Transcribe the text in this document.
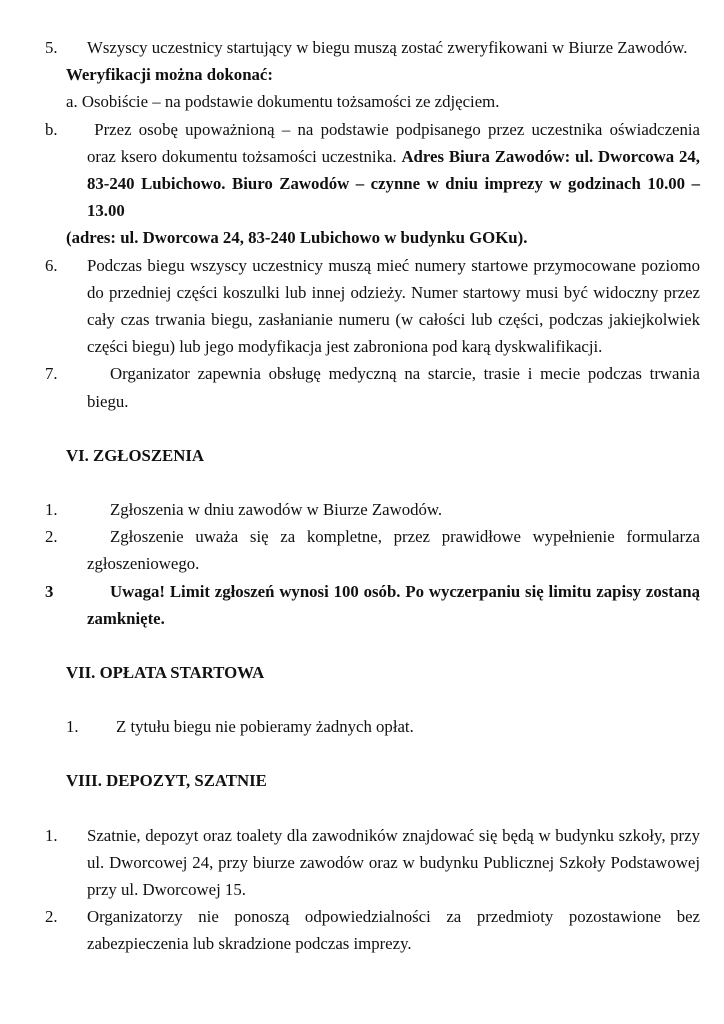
5. Wszyscy uczestnicy startujący w biegu muszą zostać zweryfikowani w Biurze Zawodów.

Weryfikacji można dokonać:

a. Osobiście – na podstawie dokumentu tożsamości ze zdjęciem.

b. Przez osobę upoważnioną – na podstawie podpisanego przez uczestnika oświadczenia oraz ksero dokumentu tożsamości uczestnika. Adres Biura Zawodów: ul. Dworcowa 24, 83-240 Lubichowo. Biuro Zawodów – czynne w dniu imprezy w godzinach 10.00 – 13.00

(adres: ul. Dworcowa 24, 83-240 Lubichowo w budynku GOKu).

6. Podczas biegu wszyscy uczestnicy muszą mieć numery startowe przymocowane poziomo do przedniej części koszulki lub innej odzieży. Numer startowy musi być widoczny przez cały czas trwania biegu, zasłanianie numeru (w całości lub części, podczas jakiejkolwiek części biegu) lub jego modyfikacja jest zabroniona pod karą dyskwalifikacji.

7.	Organizator zapewnia obsługę medyczną na starcie, trasie i mecie podczas trwania biegu.

VI. ZGŁOSZENIA

1.	Zgłoszenia w dniu zawodów w Biurze Zawodów.

2.	Zgłoszenie uważa się za kompletne, przez prawidłowe wypełnienie formularza zgłoszeniowego.

3	Uwaga! Limit zgłoszeń wynosi 100 osób. Po wyczerpaniu się limitu zapisy zostaną zamknięte.

VII. OPŁATA STARTOWA

1. Z tytułu biegu nie pobieramy żadnych opłat.

VIII. DEPOZYT, SZATNIE

1. Szatnie, depozyt oraz toalety dla zawodników znajdować się będą w budynku szkoły, przy ul. Dworcowej 24, przy biurze zawodów oraz w budynku Publicznej Szkoły Podstawowej przy ul. Dworcowej 15.

2. Organizatorzy nie ponoszą odpowiedzialności za przedmioty pozostawione bez zabezpieczenia lub skradzione podczas imprezy.
